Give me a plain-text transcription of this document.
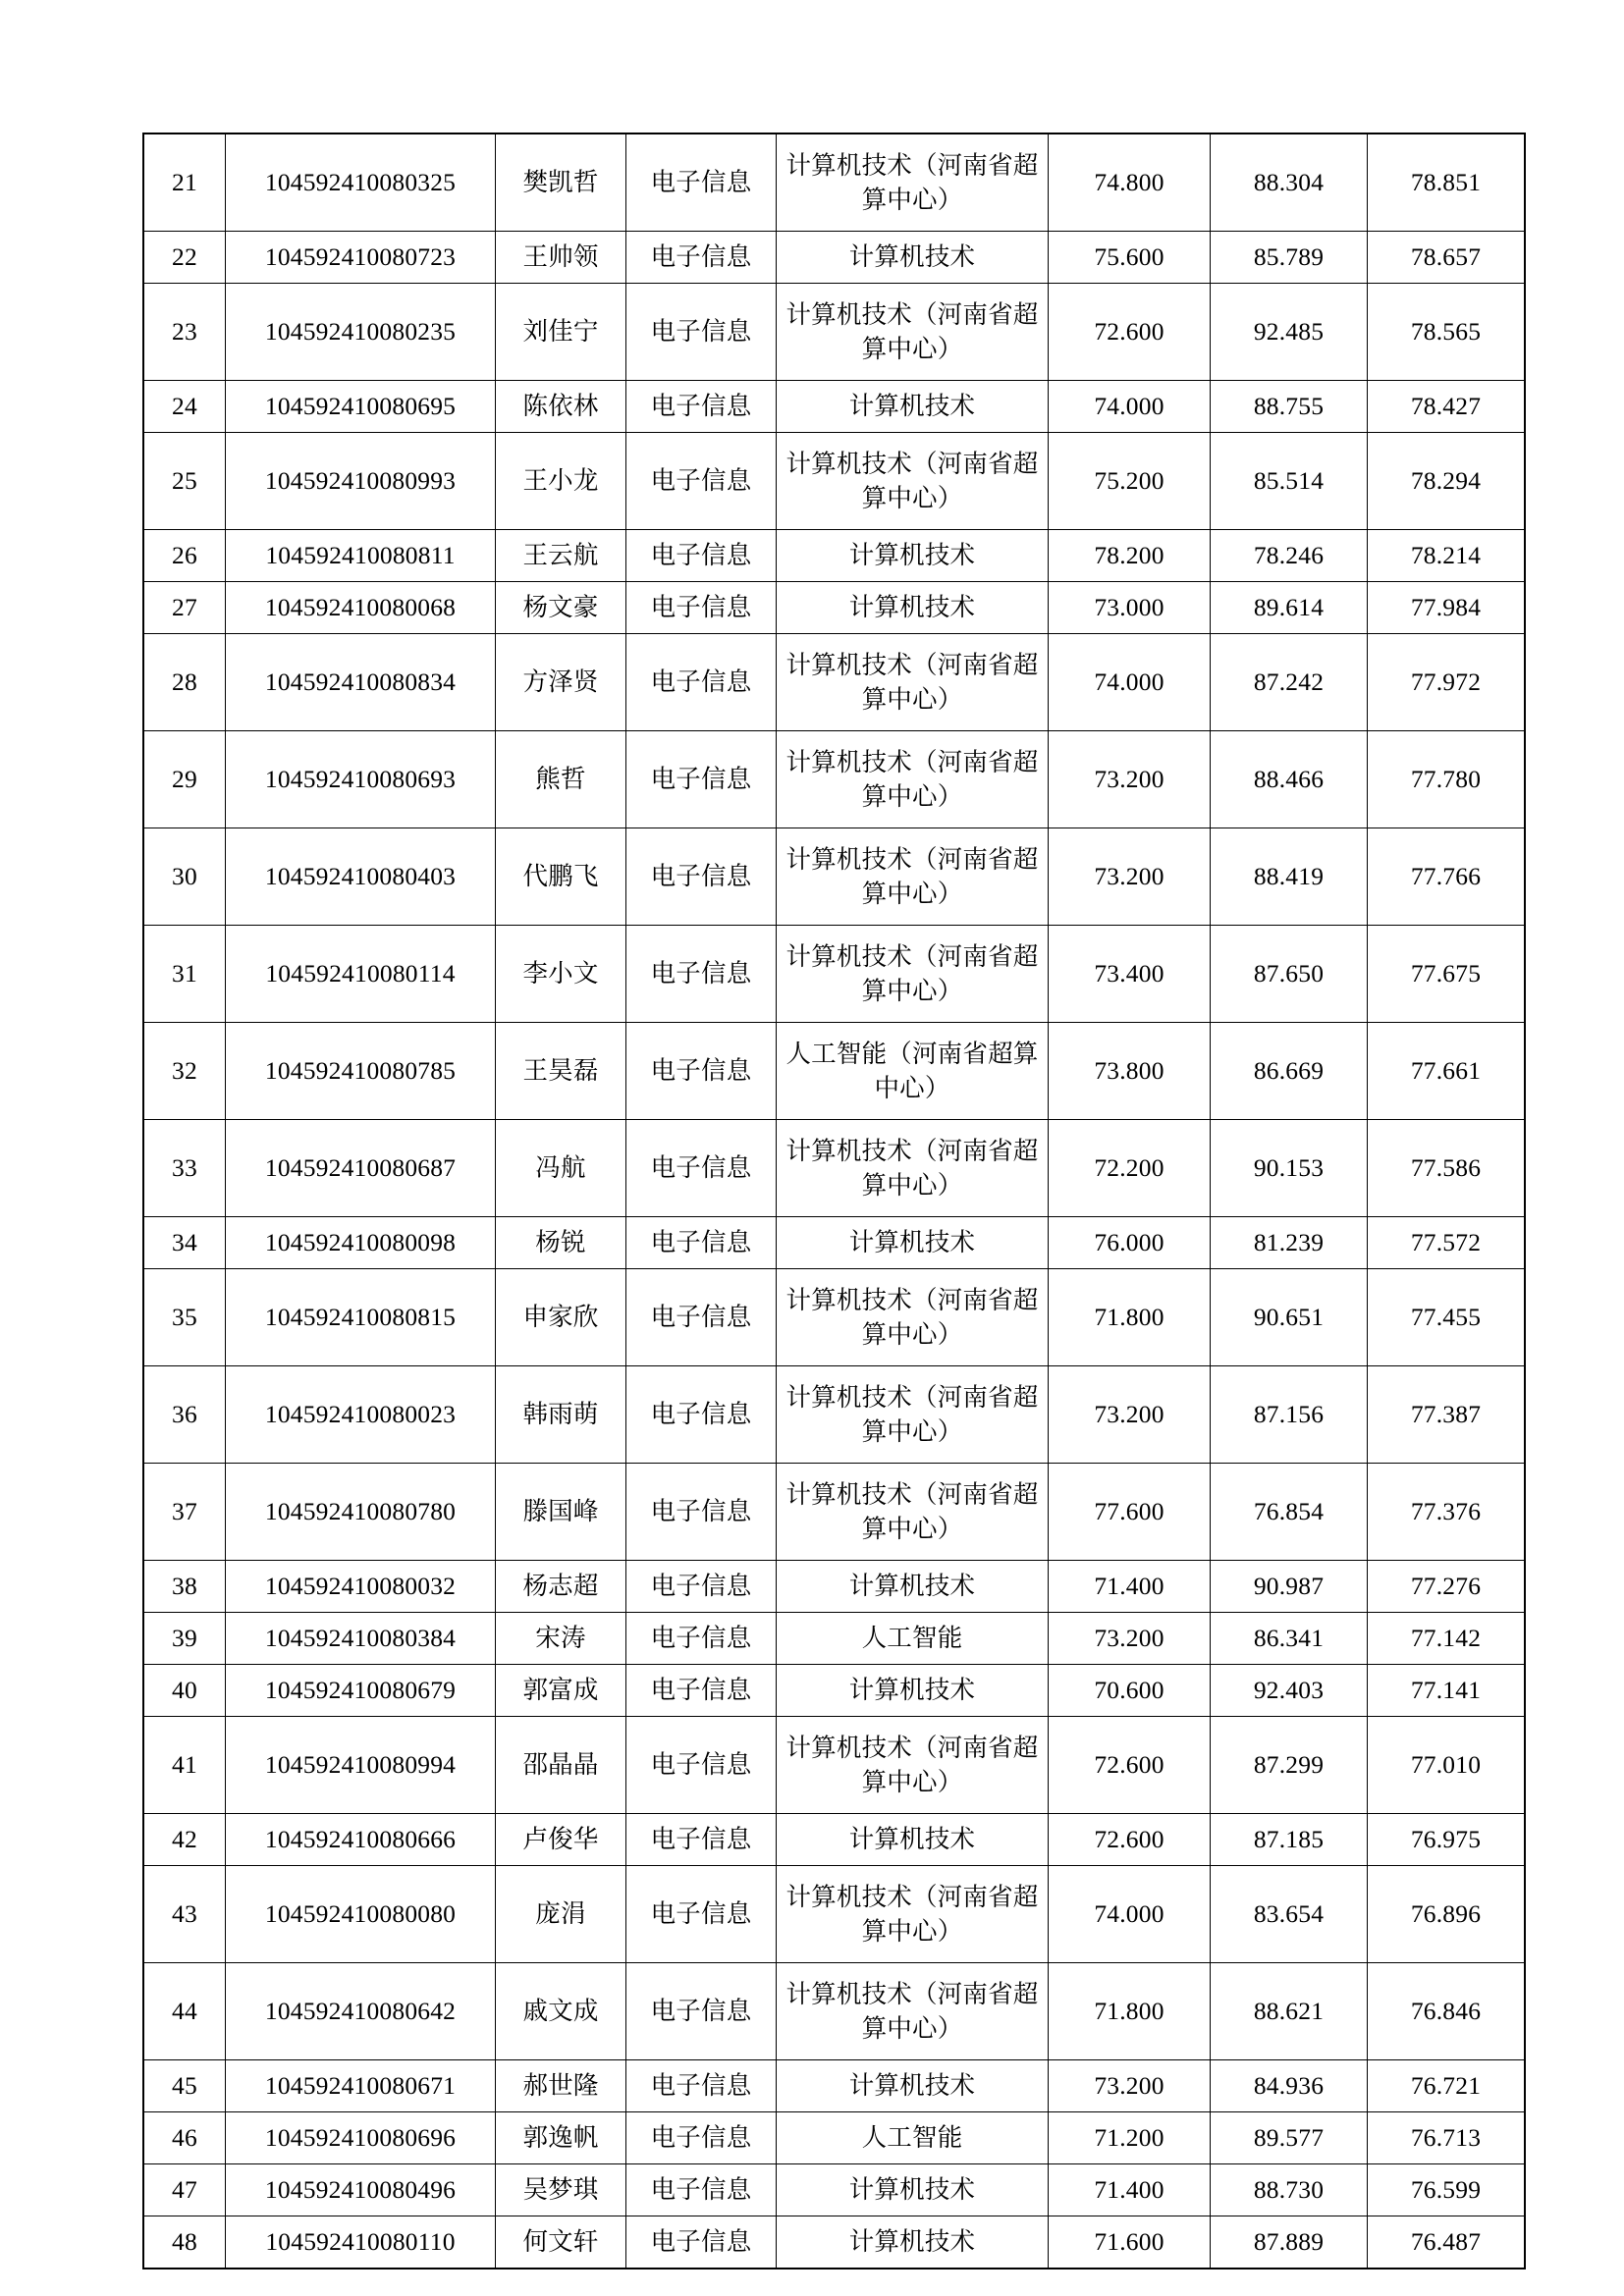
21	104592410080325	樊凯哲	电子信息	计算机技术（河南省超算中心）	74.800	88.304	78.851
22	104592410080723	王帅领	电子信息	计算机技术	75.600	85.789	78.657
23	104592410080235	刘佳宁	电子信息	计算机技术（河南省超算中心）	72.600	92.485	78.565
24	104592410080695	陈依林	电子信息	计算机技术	74.000	88.755	78.427
25	104592410080993	王小龙	电子信息	计算机技术（河南省超算中心）	75.200	85.514	78.294
26	104592410080811	王云航	电子信息	计算机技术	78.200	78.246	78.214
27	104592410080068	杨文豪	电子信息	计算机技术	73.000	89.614	77.984
28	104592410080834	方泽贤	电子信息	计算机技术（河南省超算中心）	74.000	87.242	77.972
29	104592410080693	熊哲	电子信息	计算机技术（河南省超算中心）	73.200	88.466	77.780
30	104592410080403	代鹏飞	电子信息	计算机技术（河南省超算中心）	73.200	88.419	77.766
31	104592410080114	李小文	电子信息	计算机技术（河南省超算中心）	73.400	87.650	77.675
32	104592410080785	王昊磊	电子信息	人工智能（河南省超算中心）	73.800	86.669	77.661
33	104592410080687	冯航	电子信息	计算机技术（河南省超算中心）	72.200	90.153	77.586
34	104592410080098	杨锐	电子信息	计算机技术	76.000	81.239	77.572
35	104592410080815	申家欣	电子信息	计算机技术（河南省超算中心）	71.800	90.651	77.455
36	104592410080023	韩雨萌	电子信息	计算机技术（河南省超算中心）	73.200	87.156	77.387
37	104592410080780	滕国峰	电子信息	计算机技术（河南省超算中心）	77.600	76.854	77.376
38	104592410080032	杨志超	电子信息	计算机技术	71.400	90.987	77.276
39	104592410080384	宋涛	电子信息	人工智能	73.200	86.341	77.142
40	104592410080679	郭富成	电子信息	计算机技术	70.600	92.403	77.141
41	104592410080994	邵晶晶	电子信息	计算机技术（河南省超算中心）	72.600	87.299	77.010
42	104592410080666	卢俊华	电子信息	计算机技术	72.600	87.185	76.975
43	104592410080080	庞涓	电子信息	计算机技术（河南省超算中心）	74.000	83.654	76.896
44	104592410080642	戚文成	电子信息	计算机技术（河南省超算中心）	71.800	88.621	76.846
45	104592410080671	郝世隆	电子信息	计算机技术	73.200	84.936	76.721
46	104592410080696	郭逸帆	电子信息	人工智能	71.200	89.577	76.713
47	104592410080496	吴梦琪	电子信息	计算机技术	71.400	88.730	76.599
48	104592410080110	何文轩	电子信息	计算机技术	71.600	87.889	76.487
